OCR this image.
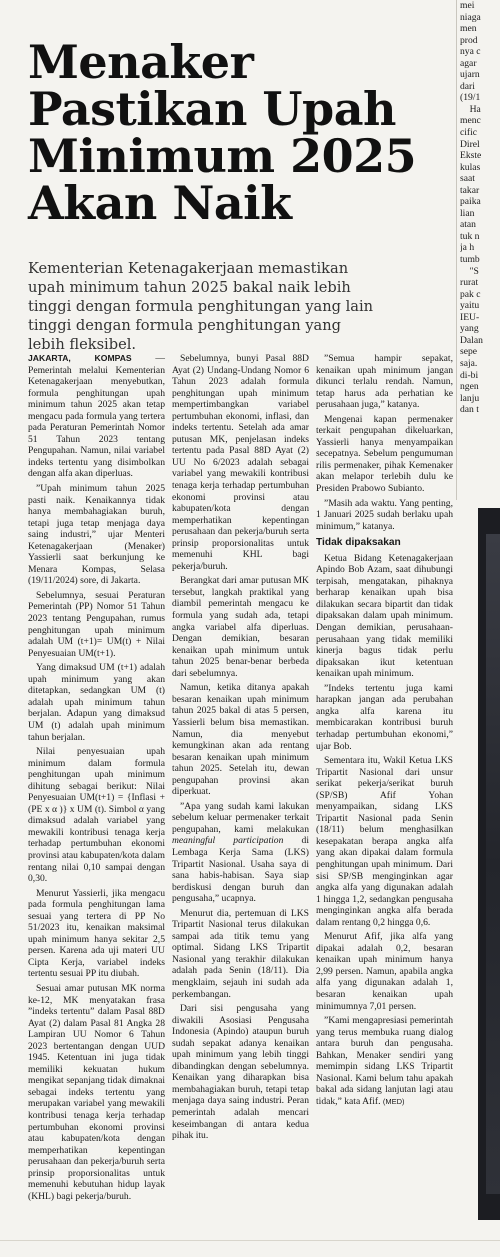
Menaker
Pastikan Upah
Minimum 2025
Akan Naik
Kementerian Ketenagakerjaan memastikan
upah minimum tahun 2025 bakal naik lebih
tinggi dengan formula penghitungan yang lain
tinggi dengan formula penghitungan yang
lebih fleksibel.

JAKARTA, KOMPAS — Pemerintah melalui Kementerian Ketenagakerjaan menyebutkan, formula penghitungan upah minimum tahun 2025 akan tetap mengacu pada formula yang tertera pada Peraturan Pemerintah Nomor 51 Tahun 2023 tentang Pengupahan. Namun, nilai variabel indeks tertentu yang disimbolkan dengan alfa akan diperluas.

”Upah minimum tahun 2025 pasti naik. Kenaikannya tidak hanya membahagiakan buruh, tetapi juga tetap menjaga daya saing industri,” ujar Menteri Ketenagakerjaan (Menaker) Yassierli saat berkunjung ke Menara Kompas, Selasa (19/11/2024) sore, di Jakarta.

Sebelumnya, sesuai Peraturan Pemerintah (PP) Nomor 51 Tahun 2023 tentang Pengupahan, rumus penghitungan upah minimum adalah UM (t+1)= UM(t) + Nilai Penyesuaian UM(t+1).

Yang dimaksud UM (t+1) adalah upah minimum yang akan ditetapkan, sedangkan UM (t) adalah upah minimum tahun berjalan. Adapun yang dimaksud UM (t) adalah upah minimum tahun berjalan.

Nilai penyesuaian upah minimum dalam formula penghitungan upah minimum dihitung sebagai berikut: Nilai Penyesuaian UM(t+1) = {Inflasi + (PE x α )} x UM (t). Simbol α yang dimaksud adalah variabel yang mewakili kontribusi tenaga kerja terhadap pertumbuhan ekonomi provinsi atau kabupaten/kota dalam rentang nilai 0,10 sampai dengan 0,30.

Menurut Yassierli, jika mengacu pada formula penghitungan lama sesuai yang tertera di PP No 51/2023 itu, kenaikan maksimal upah minimum hanya sekitar 2,5 persen. Karena ada uji materi UU Cipta Kerja, variabel indeks tertentu sesuai PP itu diubah.

Sesuai amar putusan MK norma ke-12, MK menyatakan frasa ”indeks tertentu” dalam Pasal 88D Ayat (2) dalam Pasal 81 Angka 28 Lampiran UU Nomor 6 Tahun 2023 bertentangan dengan UUD 1945. Ketentuan ini juga tidak memiliki kekuatan hukum mengikat sepanjang tidak dimaknai sebagai indeks tertentu yang merupakan variabel yang mewakili kontribusi tenaga kerja terhadap pertumbuhan ekonomi provinsi atau kabupaten/kota dengan memperhatikan kepentingan perusahaan dan pekerja/buruh serta prinsip proporsionalitas untuk memenuhi kebutuhan hidup layak (KHL) bagi pekerja/buruh.

Sebelumnya, bunyi Pasal 88D Ayat (2) Undang-Undang Nomor 6 Tahun 2023 adalah formula penghitungan upah minimum mempertimbangkan variabel pertumbuhan ekonomi, inflasi, dan indeks tertentu. Setelah ada amar putusan MK, penjelasan indeks tertentu pada Pasal 88D Ayat (2) UU No 6/2023 adalah sebagai variabel yang mewakili kontribusi tenaga kerja terhadap pertumbuhan ekonomi provinsi atau kabupaten/kota dengan memperhatikan kepentingan perusahaan dan pekerja/buruh serta prinsip proporsionalitas untuk memenuhi KHL bagi pekerja/buruh.

Berangkat dari amar putusan MK tersebut, langkah praktikal yang diambil pemerintah mengacu ke formula yang sudah ada, tetapi angka variabel alfa diperluas. Dengan demikian, besaran kenaikan upah minimum untuk tahun 2025 benar-benar berbeda dari sebelumnya.

Namun, ketika ditanya apakah besaran kenaikan upah minimum tahun 2025 bakal di atas 5 persen, Yassierli belum bisa memastikan. Namun, dia menyebut kemungkinan akan ada rentang besaran kenaikan upah minimum tahun 2025. Setelah itu, dewan pengupahan provinsi akan diperkuat.

”Apa yang sudah kami lakukan sebelum keluar permenaker terkait pengupahan, kami melakukan meaningful participation di Lembaga Kerja Sama (LKS) Tripartit Nasional. Usaha saya di sana habis-habisan. Saya siap berdiskusi dengan buruh dan pengusaha,” ucapnya.

Menurut dia, pertemuan di LKS Tripartit Nasional terus dilakukan sampai ada titik temu yang optimal. Sidang LKS Tripartit Nasional yang terakhir dilakukan adalah pada Senin (18/11). Dia mengklaim, sejauh ini sudah ada perkembangan.

Dari sisi pengusaha yang diwakili Asosiasi Pengusaha Indonesia (Apindo) ataupun buruh sudah sepakat adanya kenaikan upah minimum yang lebih tinggi dibandingkan dengan sebelumnya. Kenaikan yang diharapkan bisa membahagiakan buruh, tetapi tetap menjaga daya saing industri. Peran pemerintah adalah mencari keseimbangan di antara kedua pihak itu.

”Semua hampir sepakat, kenaikan upah minimum jangan dikunci terlalu rendah. Namun, tetap harus ada perhatian ke perusahaan juga,” katanya.

Mengenai kapan permenaker terkait pengupahan dikeluarkan, Yassierli hanya menyampaikan secepatnya. Sebelum pengumuman rilis permenaker, pihak Kemenaker akan melapor terlebih dulu ke Presiden Prabowo Subianto.

”Masih ada waktu. Yang penting, 1 Januari 2025 sudah berlaku upah minimum,” katanya.

Tidak dipaksakan

Ketua Bidang Ketenagakerjaan Apindo Bob Azam, saat dihubungi terpisah, mengatakan, pihaknya berharap kenaikan upah bisa dilakukan secara bipartit dan tidak dipaksakan dalam upah minimum. Dengan demikian, perusahaan-perusahaan yang tidak memiliki kinerja bagus tidak perlu dipaksakan ikut ketentuan kenaikan upah minimum.

”Indeks tertentu juga kami harapkan jangan ada perubahan angka alfa karena itu membicarakan kontribusi buruh terhadap pertumbuhan ekonomi,” ujar Bob.

Sementara itu, Wakil Ketua LKS Tripartit Nasional dari unsur serikat pekerja/serikat buruh (SP/SB) Afif Yohan menyampaikan, sidang LKS Tripartit Nasional pada Senin (18/11) belum menghasilkan kesepakatan berapa angka alfa yang akan dipakai dalam formula penghitungan upah minimum. Dari sisi SP/SB menginginkan agar angka alfa yang digunakan adalah 1 hingga 1,2, sedangkan pengusaha menginginkan angka alfa berada dalam rentang 0,2 hingga 0,6.

Menurut Afif, jika alfa yang dipakai adalah 0,2, besaran kenaikan upah minimum hanya 2,99 persen. Namun, apabila angka alfa yang digunakan adalah 1, besaran kenaikan upah minimumnya 7,01 persen.

”Kami mengapresiasi pemerintah yang terus membuka ruang dialog antara buruh dan pengusaha. Bahkan, Menaker sendiri yang memimpin sidang LKS Tripartit Nasional. Kami belum tahu apakah bakal ada sidang lanjutan lagi atau tidak,” kata Afif. (MED)

mei
niaga
men
prod
nya c
agar
ujarn
dari
(19/1
Ha
menc
cific
Direl
Ekste
kulas
saat
takar
paika
lian
atan
tuk n
ja h
tumb
"S
rurat
pak c
yaitu
IEU-
yang
Dalan
sepe
saja.
di-bi
ngen
lanju
dan t
